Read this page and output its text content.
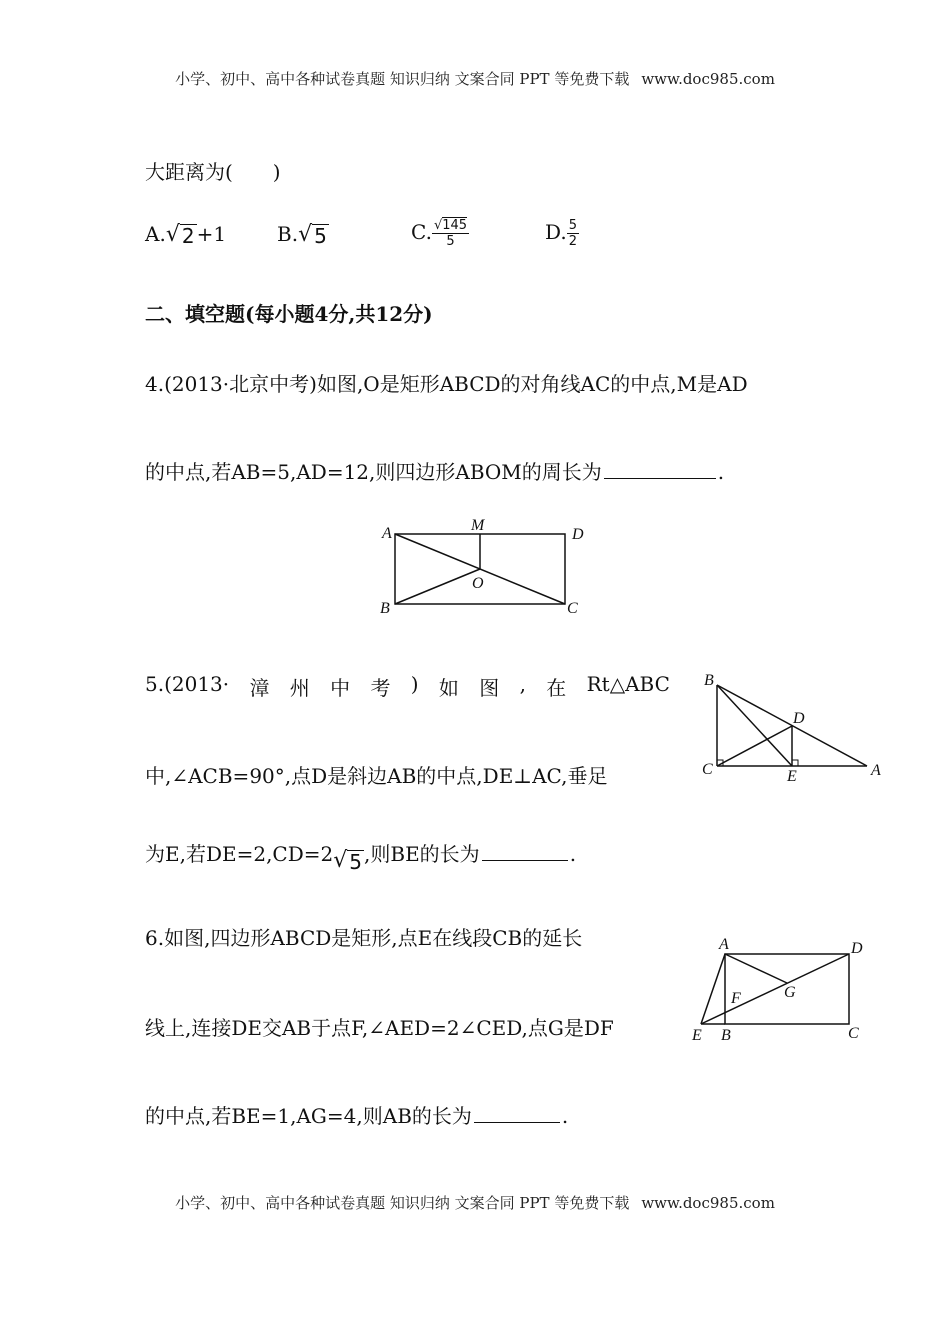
小学、初中、高中各种试卷真题 知识归纳 文案合同 PPT 等免费下载 www.doc985.com
大距离为(　　)
A. √ 2 +1	B. √ 5	C. $\frac{√145}{5}$	D. $\frac{5}{2}$
二、填空题(每小题4分,共12分)
4.(2013·北京中考)如图,O是矩形ABCD的对角线AC的中点,M是AD
的中点,若AB=5,AD=12,则四边形ABOM的周长为	.
A	M
D
O
B	C
5.(2013· 漳 州 中 考 ) 如 图 , 在 Rt△ABC
中,∠ACB=90°,点D是斜边AB的中点,DE⊥AC,垂足
为E,若DE=2,CD=2 √ 5 ,则BE的长为	.
B
D
C	E	A
6.如图,四边形ABCD是矩形,点E在线段CB的延长
线上,连接DE交AB于点F,∠AED=2∠CED,点G是DF
的中点,若BE=1,AG=4,则AB的长为	.
A	D
F	G
E B	C
小学、初中、高中各种试卷真题 知识归纳 文案合同 PPT 等免费下载 www.doc985.com
